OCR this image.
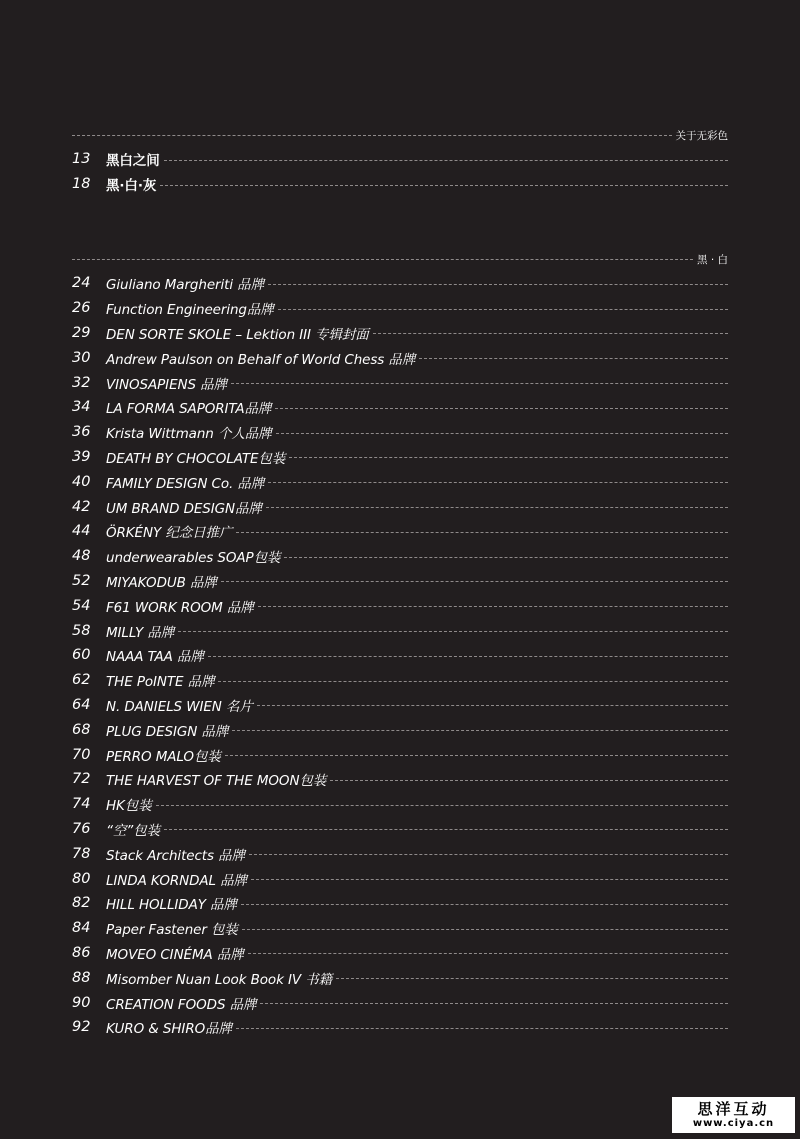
关于无彩色
13	黑白之间
18	黑·白·灰
黑 · 白
24	Giuliano Margheriti 品牌
26	Function Engineering品牌
29	DEN SORTE SKOLE – Lektion III 专辑封面
30	Andrew Paulson on Behalf of World Chess 品牌
32	VINOSAPIENS 品牌
34	LA FORMA SAPORITA品牌
36	Krista Wittmann 个人品牌
39	DEATH BY CHOCOLATE包装
40	FAMILY DESIGN Co. 品牌
42	UM BRAND DESIGN品牌
44	ÖRKÉNY 纪念日推广
48	underwearables SOAP包装
52	MIYAKODUB 品牌
54	F61 WORK ROOM 品牌
58	MILLY 品牌
60	NAAA TAA 品牌
62	THE PoINTE 品牌
64	N. DANIELS WIEN 名片
68	PLUG DESIGN 品牌
70	PERRO MALO包装
72	THE HARVEST OF THE MOON包装
74	HK包装
76	“空”包装
78	Stack Architects 品牌
80	LINDA KORNDAL 品牌
82	HILL HOLLIDAY 品牌
84	Paper Fastener 包装
86	MOVEO CINÉMA 品牌
88	Misomber Nuan Look Book IV 书籍
90	CREATION FOODS 品牌
92	KURO & SHIRO品牌
思洋互动
www.ciya.cn
